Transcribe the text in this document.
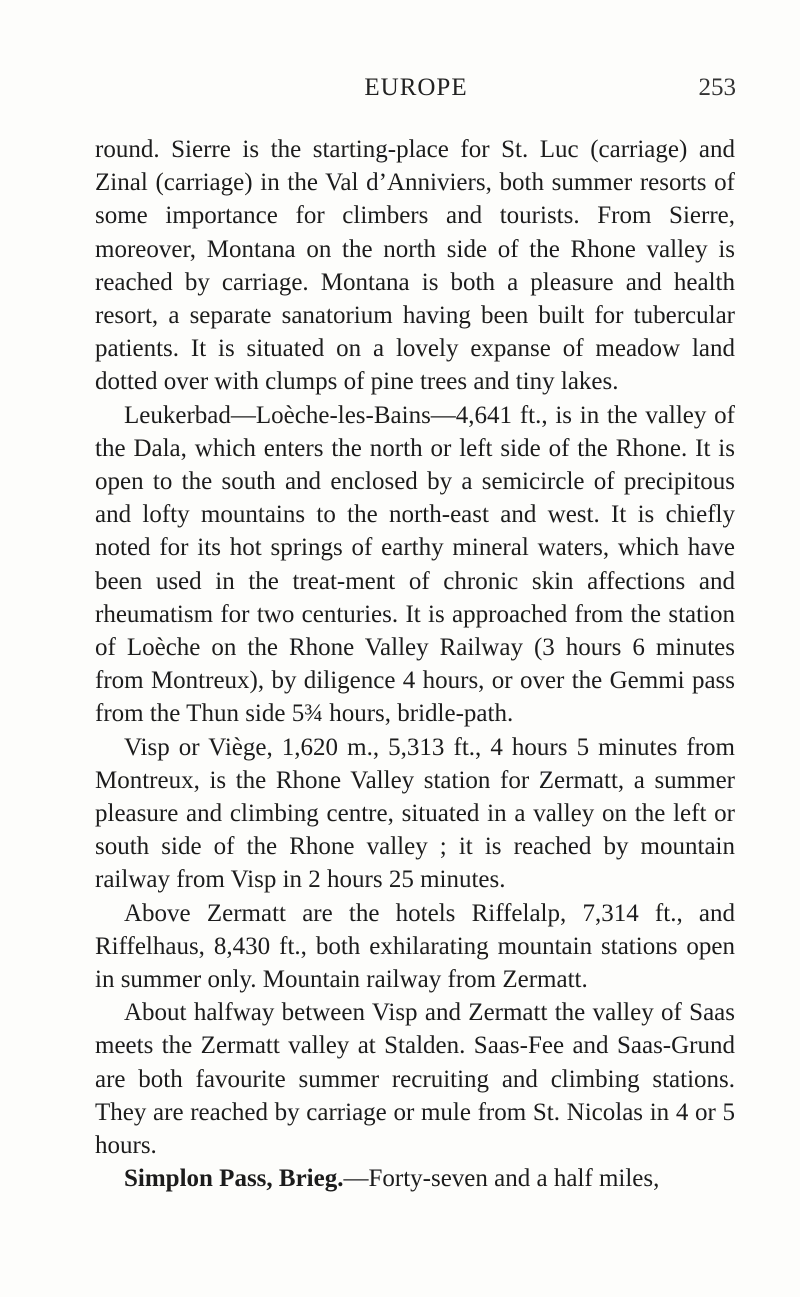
EUROPE	253

round. Sierre is the starting-place for St. Luc (carriage) and Zinal (carriage) in the Val d’Anniviers, both summer resorts of some importance for climbers and tourists. From Sierre, moreover, Montana on the north side of the Rhone valley is reached by carriage. Montana is both a pleasure and health resort, a separate sanatorium having been built for tubercular patients. It is situated on a lovely expanse of meadow land dotted over with clumps of pine trees and tiny lakes.

Leukerbad—Loèche-les-Bains—4,641 ft., is in the valley of the Dala, which enters the north or left side of the Rhone. It is open to the south and enclosed by a semicircle of precipitous and lofty mountains to the north-east and west. It is chiefly noted for its hot springs of earthy mineral waters, which have been used in the treat-ment of chronic skin affections and rheumatism for two centuries. It is approached from the station of Loèche on the Rhone Valley Railway (3 hours 6 minutes from Montreux), by diligence 4 hours, or over the Gemmi pass from the Thun side 5¾ hours, bridle-path.

Visp or Viège, 1,620 m., 5,313 ft., 4 hours 5 minutes from Montreux, is the Rhone Valley station for Zermatt, a summer pleasure and climbing centre, situated in a valley on the left or south side of the Rhone valley ; it is reached by mountain railway from Visp in 2 hours 25 minutes.

Above Zermatt are the hotels Riffelalp, 7,314 ft., and Riffelhaus, 8,430 ft., both exhilarating mountain stations open in summer only. Mountain railway from Zermatt.

About halfway between Visp and Zermatt the valley of Saas meets the Zermatt valley at Stalden. Saas-Fee and Saas-Grund are both favourite summer recruiting and climbing stations. They are reached by carriage or mule from St. Nicolas in 4 or 5 hours.

Simplon Pass, Brieg.—Forty-seven and a half miles,
